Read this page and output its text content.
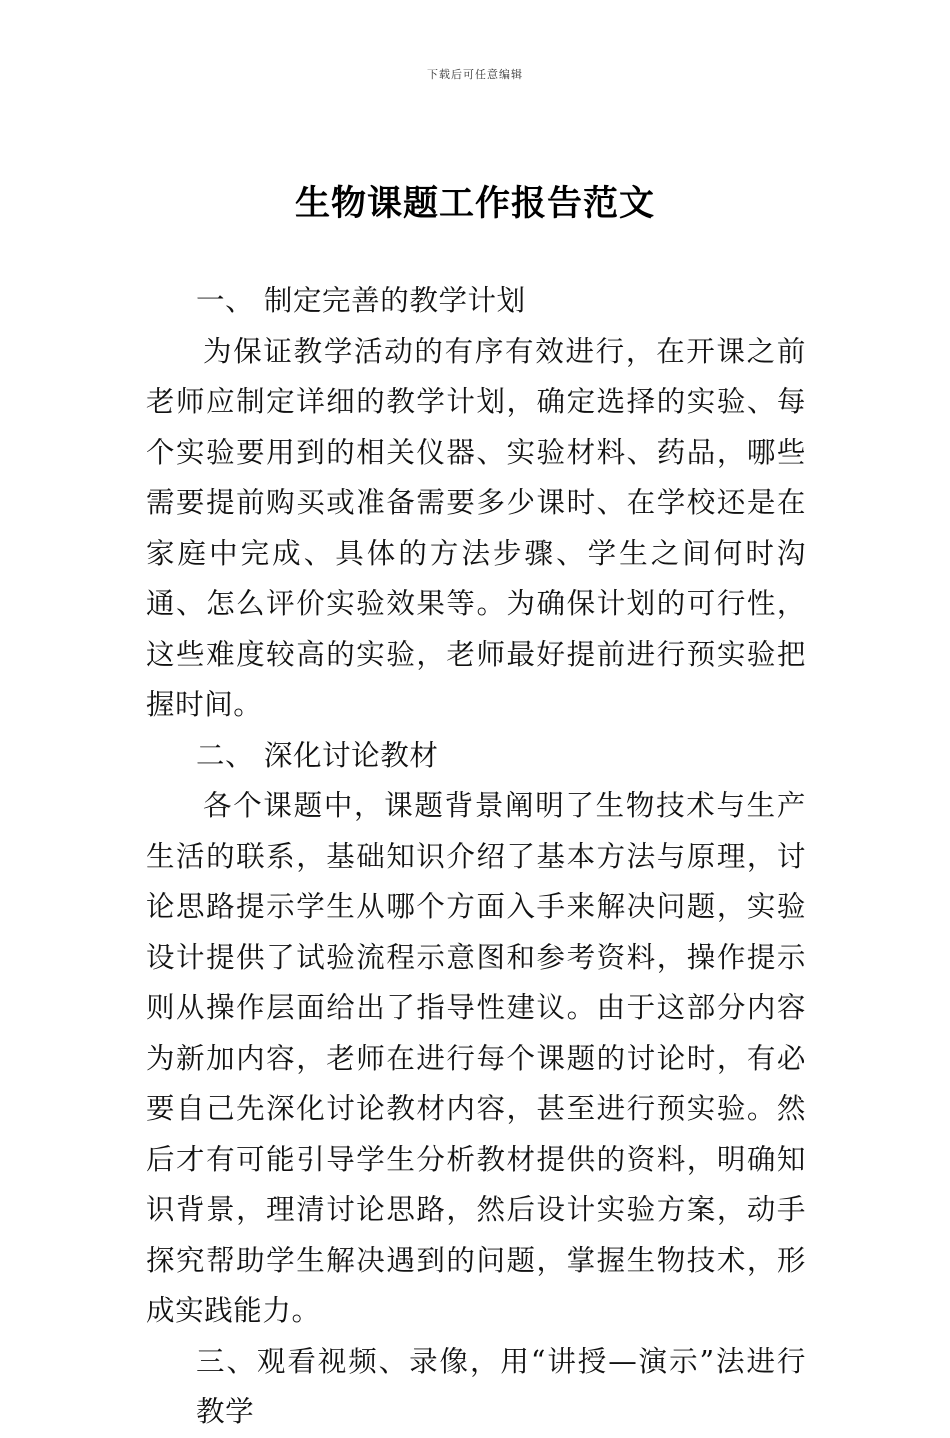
下载后可任意编辑
生物课题工作报告范文

一、 制定完善的教学计划

为保证教学活动的有序有效进行，在开课之前老师应制定详细的教学计划，确定选择的实验、每个实验要用到的相关仪器、实验材料、药品，哪些需要提前购买或准备需要多少课时、在学校还是在家庭中完成、具体的方法步骤、学生之间何时沟通、怎么评价实验效果等。为确保计划的可行性，这些难度较高的实验，老师最好提前进行预实验把握时间。

二、 深化讨论教材

各个课题中，课题背景阐明了生物技术与生产生活的联系，基础知识介绍了基本方法与原理，讨论思路提示学生从哪个方面入手来解决问题，实验设计提供了试验流程示意图和参考资料，操作提示则从操作层面给出了指导性建议。由于这部分内容为新加内容，老师在进行每个课题的讨论时，有必要自己先深化讨论教材内容，甚至进行预实验。然后才有可能引导学生分析教材提供的资料，明确知识背景，理清讨论思路，然后设计实验方案，动手探究帮助学生解决遇到的问题，掌握生物技术，形成实践能力。

三、观看视频、录像，用“讲授—演示”法进行教学
